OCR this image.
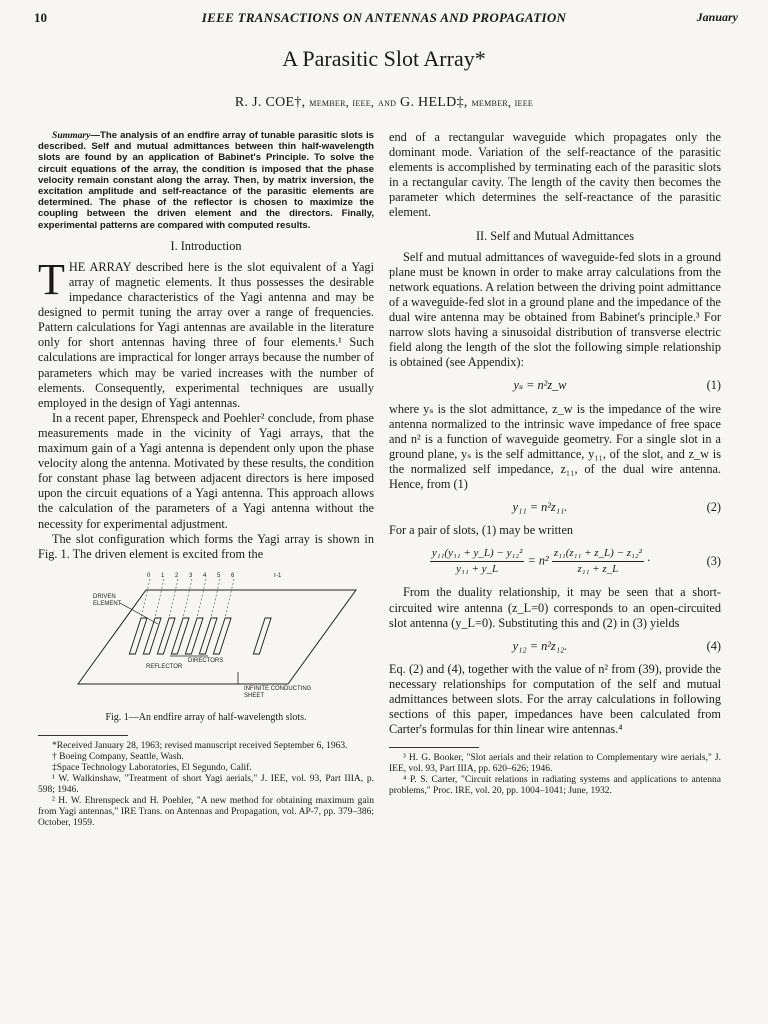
10	IEEE TRANSACTIONS ON ANTENNAS AND PROPAGATION	January
A Parasitic Slot Array*
R. J. COE†, member, ieee, and G. HELD‡, member, ieee

Summary—The analysis of an endfire array of tunable parasitic slots is described. Self and mutual admittances between thin half-wavelength slots are found by an application of Babinet's Principle. To solve the circuit equations of the array, the condition is imposed that the phase velocity remain constant along the array. Then, by matrix inversion, the excitation amplitude and self-reactance of the parasitic elements are determined. The phase of the reflector is chosen to maximize the coupling between the driven element and the directors. Finally, experimental patterns are compared with computed results.

I. Introduction

THE ARRAY described here is the slot equivalent of a Yagi array of magnetic elements. It thus possesses the desirable impedance characteristics of the Yagi antenna and may be designed to permit tuning the array over a range of frequencies. Pattern calculations for Yagi antennas are available in the literature only for short antennas having three of four elements.¹ Such calculations are impractical for longer arrays because the number of parameters which may be varied increases with the number of elements. Consequently, experimental techniques are usually employed in the design of Yagi antennas.

In a recent paper, Ehrenspeck and Poehler² conclude, from phase measurements made in the vicinity of Yagi arrays, that the maximum gain of a Yagi antenna is dependent only upon the phase velocity along the antenna. Motivated by these results, the condition for constant phase lag between adjacent directors is here imposed upon the circuit equations of a Yagi antenna. This approach allows the calculation of the parameters of a Yagi antenna without the necessity for experimental adjustment.

The slot configuration which forms the Yagi array is shown in Fig. 1. The driven element is excited from the

0 1 2 3 4 5 6	r-1
DRIVEN
ELEMENT
DIRECTORS
REFLECTOR
INFINITE CONDUCTING
SHEET
Fig. 1—An endfire array of half-wavelength slots.

*Received January 28, 1963; revised manuscript received September 6, 1963.

† Boeing Company, Seattle, Wash.

‡Space Technology Laboratories, El Segundo, Calif.

¹ W. Walkinshaw, "Treatment of short Yagi aerials," J. IEE, vol. 93, Part IIIA, p. 598; 1946.

² H. W. Ehrenspeck and H. Poehler, "A new method for obtaining maximum gain from Yagi antennas," IRE Trans. on Antennas and Propagation, vol. AP-7, pp. 379–386; October, 1959.

end of a rectangular waveguide which propagates only the dominant mode. Variation of the self-reactance of the parasitic elements is accomplished by terminating each of the parasitic slots in a rectangular cavity. The length of the cavity then becomes the parameter which determines the self-reactance of the parasitic element.

II. Self and Mutual Admittances

Self and mutual admittances of waveguide-fed slots in a ground plane must be known in order to make array calculations from the network equations. A relation between the driving point admittance of a waveguide-fed slot in a ground plane and the impedance of the dual wire antenna may be obtained from Babinet's principle.³ For narrow slots having a sinusoidal distribution of transverse electric field along the length of the slot the following simple relationship is obtained (see Appendix):

yₛ = n²z_w	(1)

where yₛ is the slot admittance, z_w is the impedance of the wire antenna normalized to the intrinsic wave impedance of free space and n² is a function of waveguide geometry. For a single slot in a ground plane, yₛ is the self admittance, y₁₁, of the slot, and z_w is the normalized self impedance, z₁₁, of the dual wire antenna. Hence, from (1)

y₁₁ = n²z₁₁.	(2)

For a pair of slots, (1) may be written

$\frac{\text{y₁₁(y₁₁ + y\_L) − y₁₂²}}{\text{y₁₁ + y\_L}} = n^2 \frac{\text{z₁₁(z₁₁ + z\_L) − z₁₂²}}{\text{z₁₁ + z\_L}}$ ·	(3)

From the duality relationship, it may be seen that a short-circuited wire antenna (z_L=0) corresponds to an open-circuited slot antenna (y_L=0). Substituting this and (2) in (3) yields

y₁₂ = n²z₁₂.	(4)

Eq. (2) and (4), together with the value of n² from (39), provide the necessary relationships for computation of the self and mutual admittances between slots. For the array calculations in following sections of this paper, impedances have been calculated from Carter's formulas for thin linear wire antennas.⁴

³ H. G. Booker, "Slot aerials and their relation to Complementary wire aerials," J. IEE, vol. 93, Part IIIA, pp. 620–626; 1946.

⁴ P. S. Carter, "Circuit relations in radiating systems and applications to antenna problems," Proc. IRE, vol. 20, pp. 1004–1041; June, 1932.
